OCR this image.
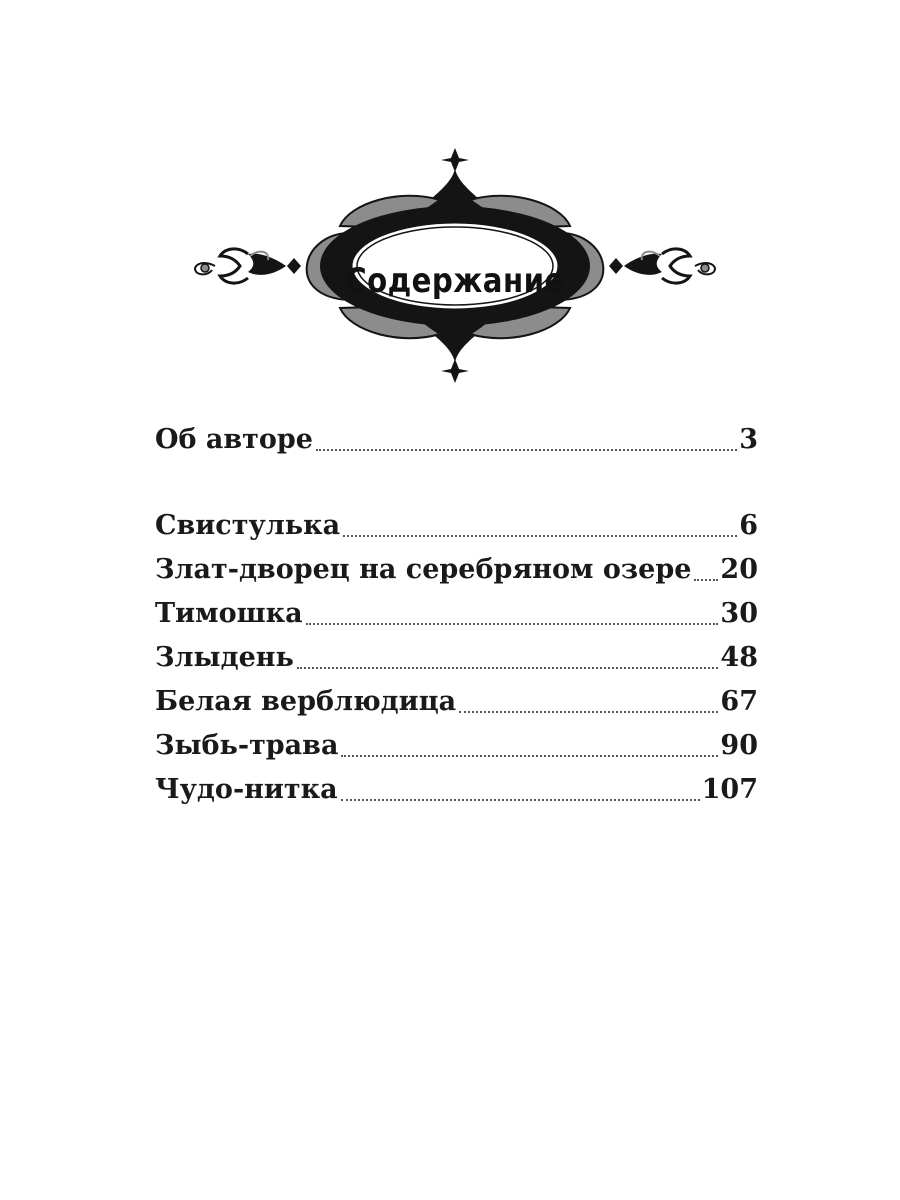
Содержание
Об авторе	3
Свистулька	6
Злат-дворец на серебряном озере 20
Тимошка	30
Злыдень	48
Белая верблюдица	67
Зыбь-трава	90
Чудо-нитка	107
